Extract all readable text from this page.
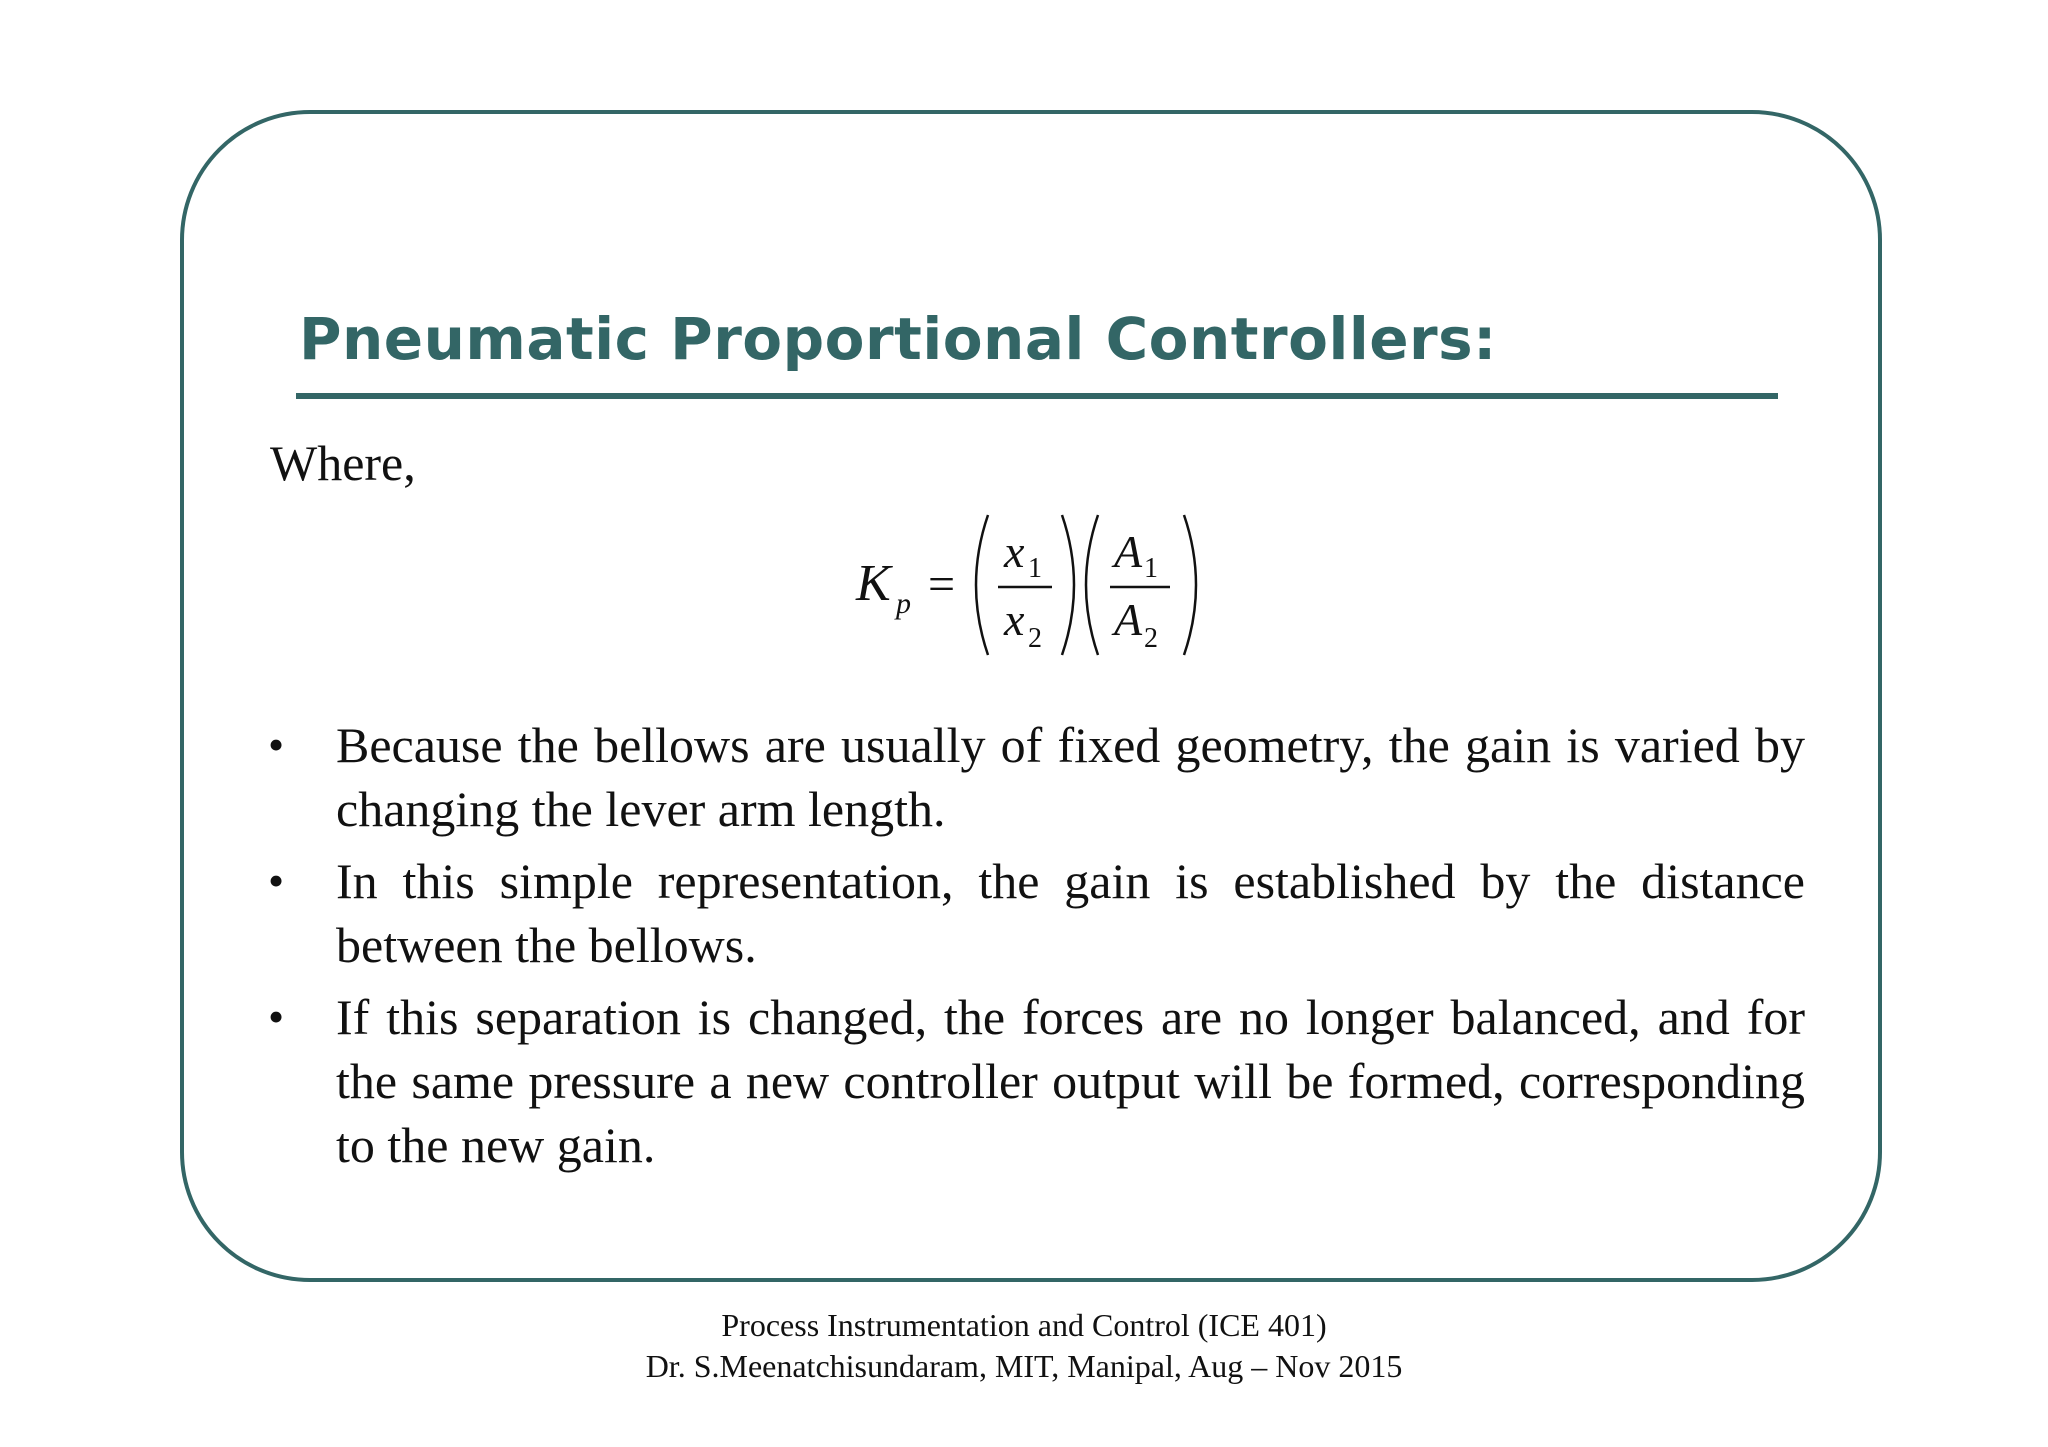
Pneumatic Proportional Controllers:
Where,
K p =
x 1
x 2
A 1
A 2
• Because the bellows are usually of fixed geometry, the gain is varied by changing the lever arm length.
• In this simple representation, the gain is established by the distance between the bellows.
• If this separation is changed, the forces are no longer balanced, and for the same pressure a new controller output will be formed, corresponding to the new gain.
Process Instrumentation and Control (ICE 401)
Dr. S.Meenatchisundaram, MIT, Manipal, Aug – Nov 2015
